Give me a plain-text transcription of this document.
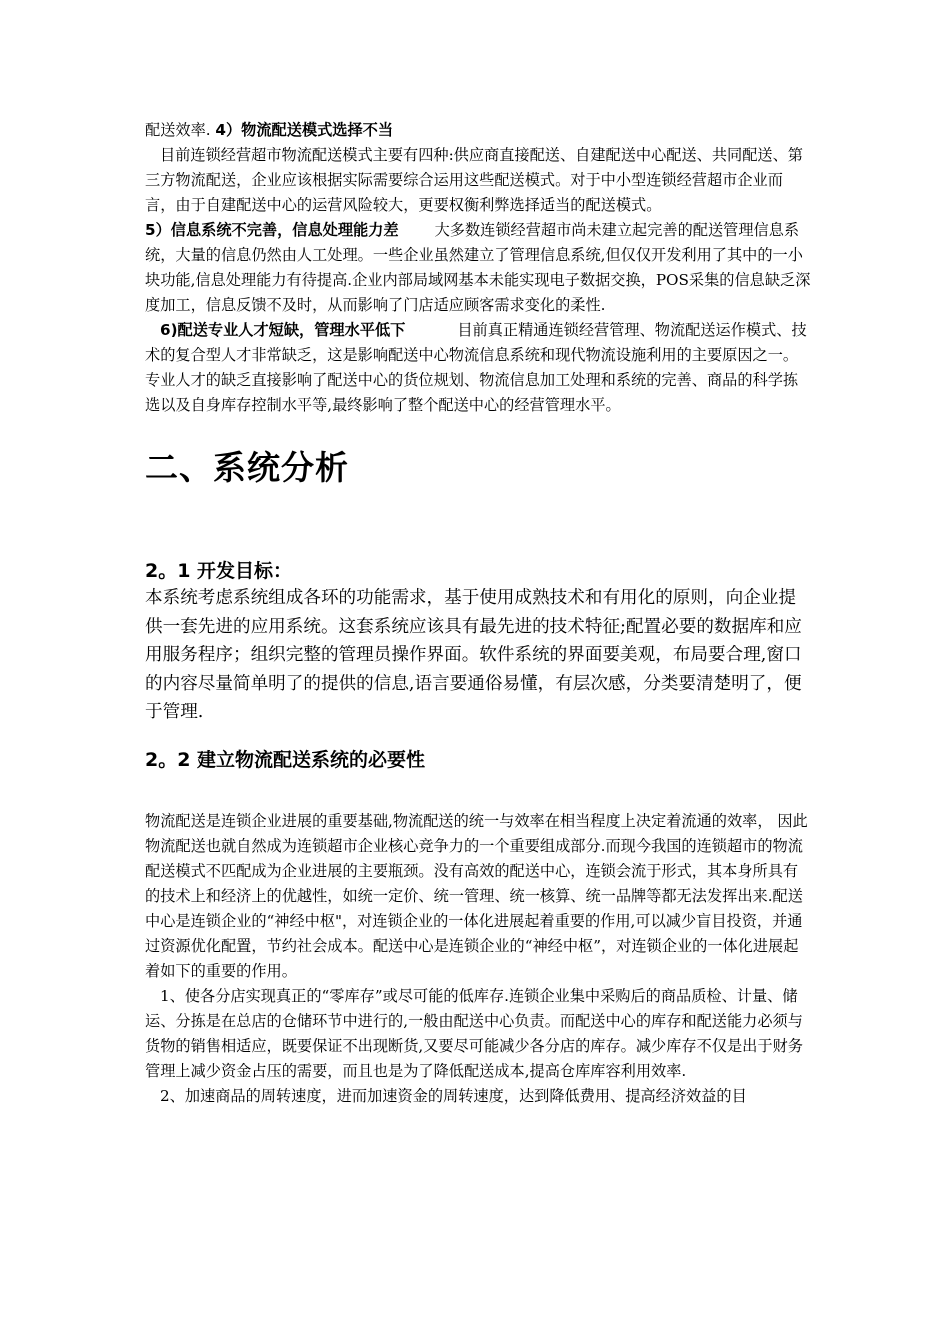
配送效率. 4）物流配送模式选择不当

目前连锁经营超市物流配送模式主要有四种:供应商直接配送、自建配送中心配送、共同配送、第三方物流配送，企业应该根据实际需要综合运用这些配送模式。对于中小型连锁经营超市企业而言，由于自建配送中心的运营风险较大，更要权衡利弊选择适当的配送模式。

5）信息系统不完善，信息处理能力差 大多数连锁经营超市尚未建立起完善的配送管理信息系统，大量的信息仍然由人工处理。一些企业虽然建立了管理信息系统,但仅仅开发利用了其中的一小块功能,信息处理能力有待提高.企业内部局域网基本未能实现电子数据交换，POS采集的信息缺乏深度加工，信息反馈不及时，从而影响了门店适应顾客需求变化的柔性.

6)配送专业人才短缺，管理水平低下	目前真正精通连锁经营管理、物流配送运作模式、技术的复合型人才非常缺乏，这是影响配送中心物流信息系统和现代物流设施利用的主要原因之一。专业人才的缺乏直接影响了配送中心的货位规划、物流信息加工处理和系统的完善、商品的科学拣选以及自身库存控制水平等,最终影响了整个配送中心的经营管理水平。

二、系统分析
2。1 开发目标：

本系统考虑系统组成各环的功能需求，基于使用成熟技术和有用化的原则，向企业提供一套先进的应用系统。这套系统应该具有最先进的技术特征;配置必要的数据库和应用服务程序；组织完整的管理员操作界面。软件系统的界面要美观，布局要合理,窗口的内容尽量简单明了的提供的信息,语言要通俗易懂，有层次感，分类要清楚明了，便于管理.

2。2 建立物流配送系统的必要性

物流配送是连锁企业进展的重要基础,物流配送的统一与效率在相当程度上决定着流通的效率， 因此物流配送也就自然成为连锁超市企业核心竞争力的一个重要组成部分.而现今我国的连锁超市的物流配送模式不匹配成为企业进展的主要瓶颈。没有高效的配送中心，连锁会流于形式，其本身所具有的技术上和经济上的优越性，如统一定价、统一管理、统一核算、统一品牌等都无法发挥出来.配送中心是连锁企业的“神经中枢"，对连锁企业的一体化进展起着重要的作用,可以减少盲目投资，并通过资源优化配置，节约社会成本。配送中心是连锁企业的“神经中枢”，对连锁企业的一体化进展起着如下的重要的作用。

1、使各分店实现真正的“零库存”或尽可能的低库存.连锁企业集中采购后的商品质检、计量、储运、分拣是在总店的仓储环节中进行的,一般由配送中心负责。而配送中心的库存和配送能力必须与货物的销售相适应，既要保证不出现断货,又要尽可能减少各分店的库存。减少库存不仅是出于财务管理上减少资金占压的需要，而且也是为了降低配送成本,提高仓库库容利用效率.

2、加速商品的周转速度，进而加速资金的周转速度，达到降低费用、提高经济效益的目
